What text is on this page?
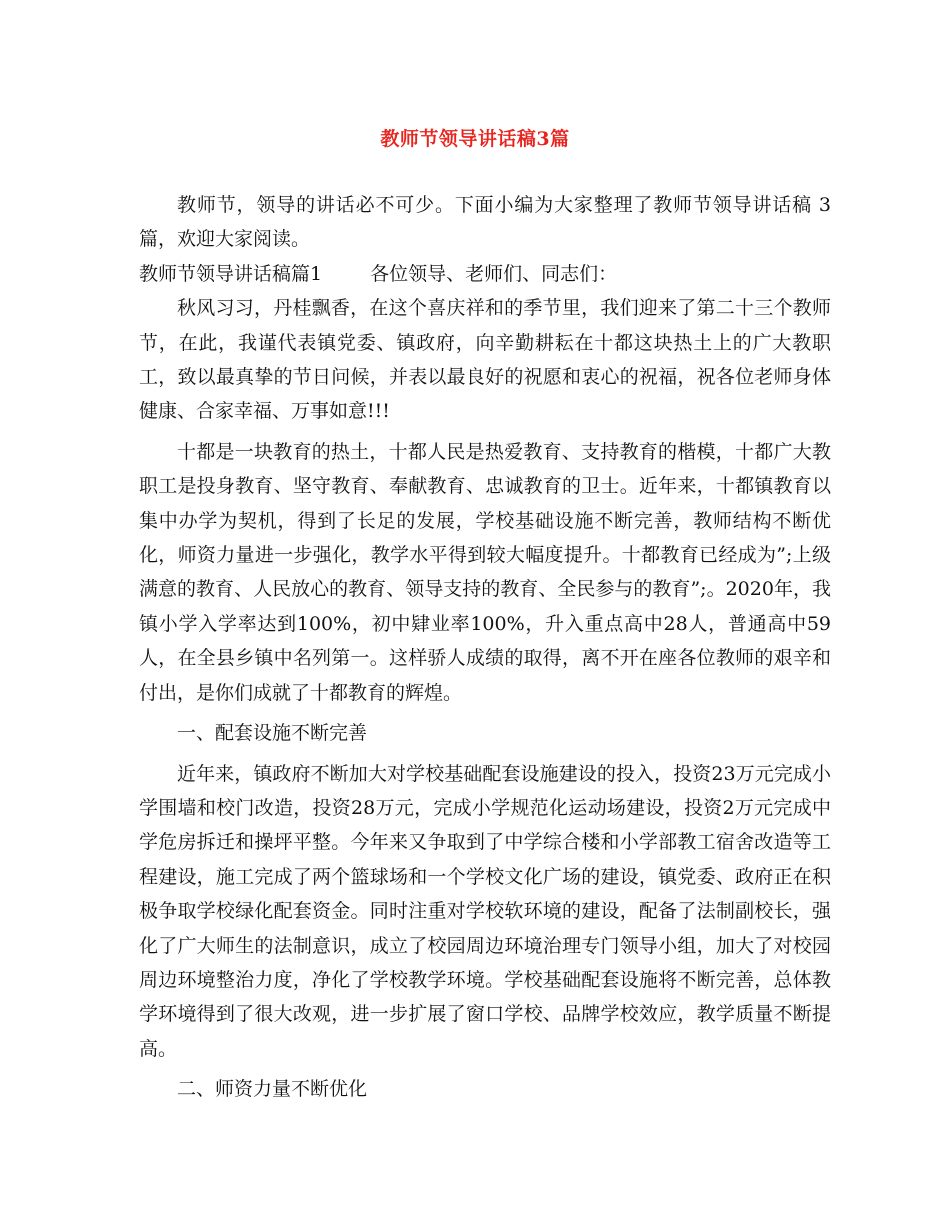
教师节领导讲话稿3篇

教师节，领导的讲话必不可少。下面小编为大家整理了教师节领导讲话稿 3篇，欢迎大家阅读。

教师节领导讲话稿篇1	各位领导、老师们、同志们：

秋风习习，丹桂飘香，在这个喜庆祥和的季节里，我们迎来了第二十三个教师节，在此，我谨代表镇党委、镇政府，向辛勤耕耘在十都这块热土上的广大教职工，致以最真挚的节日问候，并表以最良好的祝愿和衷心的祝福，祝各位老师身体健康、合家幸福、万事如意!!!

十都是一块教育的热土，十都人民是热爱教育、支持教育的楷模，十都广大教职工是投身教育、坚守教育、奉献教育、忠诚教育的卫士。近年来，十都镇教育以集中办学为契机，得到了长足的发展，学校基础设施不断完善，教师结构不断优化，师资力量进一步强化，教学水平得到较大幅度提升。十都教育已经成为”;上级满意的教育、人民放心的教育、领导支持的教育、全民参与的教育”;。2020年，我镇小学入学率达到100%，初中肄业率100%，升入重点高中28人，普通高中59人，在全县乡镇中名列第一。这样骄人成绩的取得，离不开在座各位教师的艰辛和付出，是你们成就了十都教育的辉煌。

一、配套设施不断完善

近年来，镇政府不断加大对学校基础配套设施建设的投入，投资23万元完成小学围墙和校门改造，投资28万元，完成小学规范化运动场建设，投资2万元完成中学危房拆迁和操坪平整。今年来又争取到了中学综合楼和小学部教工宿舍改造等工程建设，施工完成了两个篮球场和一个学校文化广场的建设，镇党委、政府正在积极争取学校绿化配套资金。同时注重对学校软环境的建设，配备了法制副校长，强化了广大师生的法制意识，成立了校园周边环境治理专门领导小组，加大了对校园周边环境整治力度，净化了学校教学环境。学校基础配套设施将不断完善，总体教学环境得到了很大改观，进一步扩展了窗口学校、品牌学校效应，教学质量不断提高。

二、师资力量不断优化
